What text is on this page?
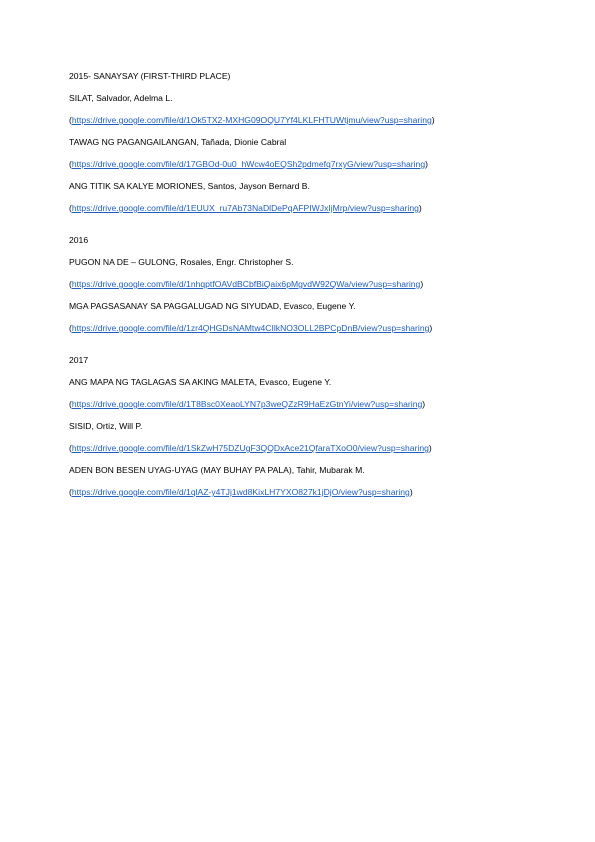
2015- SANAYSAY (FIRST-THIRD PLACE)
SILAT, Salvador, Adelma L.
(https://drive.google.com/file/d/1Ok5TX2-MXHG09OQU7Yf4LKLFHTUWtjmu/view?usp=sharing)
TAWAG NG PAGANGAILANGAN, Tañada, Dionie Cabral
(https://drive.google.com/file/d/17GBOd-0u0_hWcw4oEQSh2pdmefq7rxyG/view?usp=sharing)
ANG TITIK SA KALYE MORIONES, Santos, Jayson Bernard B.
(https://drive.google.com/file/d/1EUUX_ru7Ab73NaDlDePqAFPIWJxIjMrp/view?usp=sharing)
2016
PUGON NA DE – GULONG, Rosales, Engr. Christopher S.
(https://drive.google.com/file/d/1nhqptfOAVdBCbfBiQaix6pMgvdW92QWa/view?usp=sharing)
MGA PAGSASANAY SA PAGGALUGAD NG SIYUDAD, Evasco, Eugene Y.
(https://drive.google.com/file/d/1zr4QHGDsNAMtw4CIlkNO3OLL2BPCpDnB/view?usp=sharing)
2017
ANG MAPA NG TAGLAGAS SA AKING MALETA, Evasco, Eugene Y.
(https://drive.google.com/file/d/1T8Bsc0XeaoLYN7p3weQZzR9HaEzGtnYi/view?usp=sharing)
SISID, Ortiz, Will P.
(https://drive.google.com/file/d/1SkZwH75DZUgF3QQDxAce21QfaraTXoO0/view?usp=sharing)
ADEN BON BESEN UYAG-UYAG (MAY BUHAY PA PALA), Tahir, Mubarak M.
(https://drive.google.com/file/d/1qlAZ-y4TJj1wd8KixLH7YXO827k1jDjO/view?usp=sharing)
